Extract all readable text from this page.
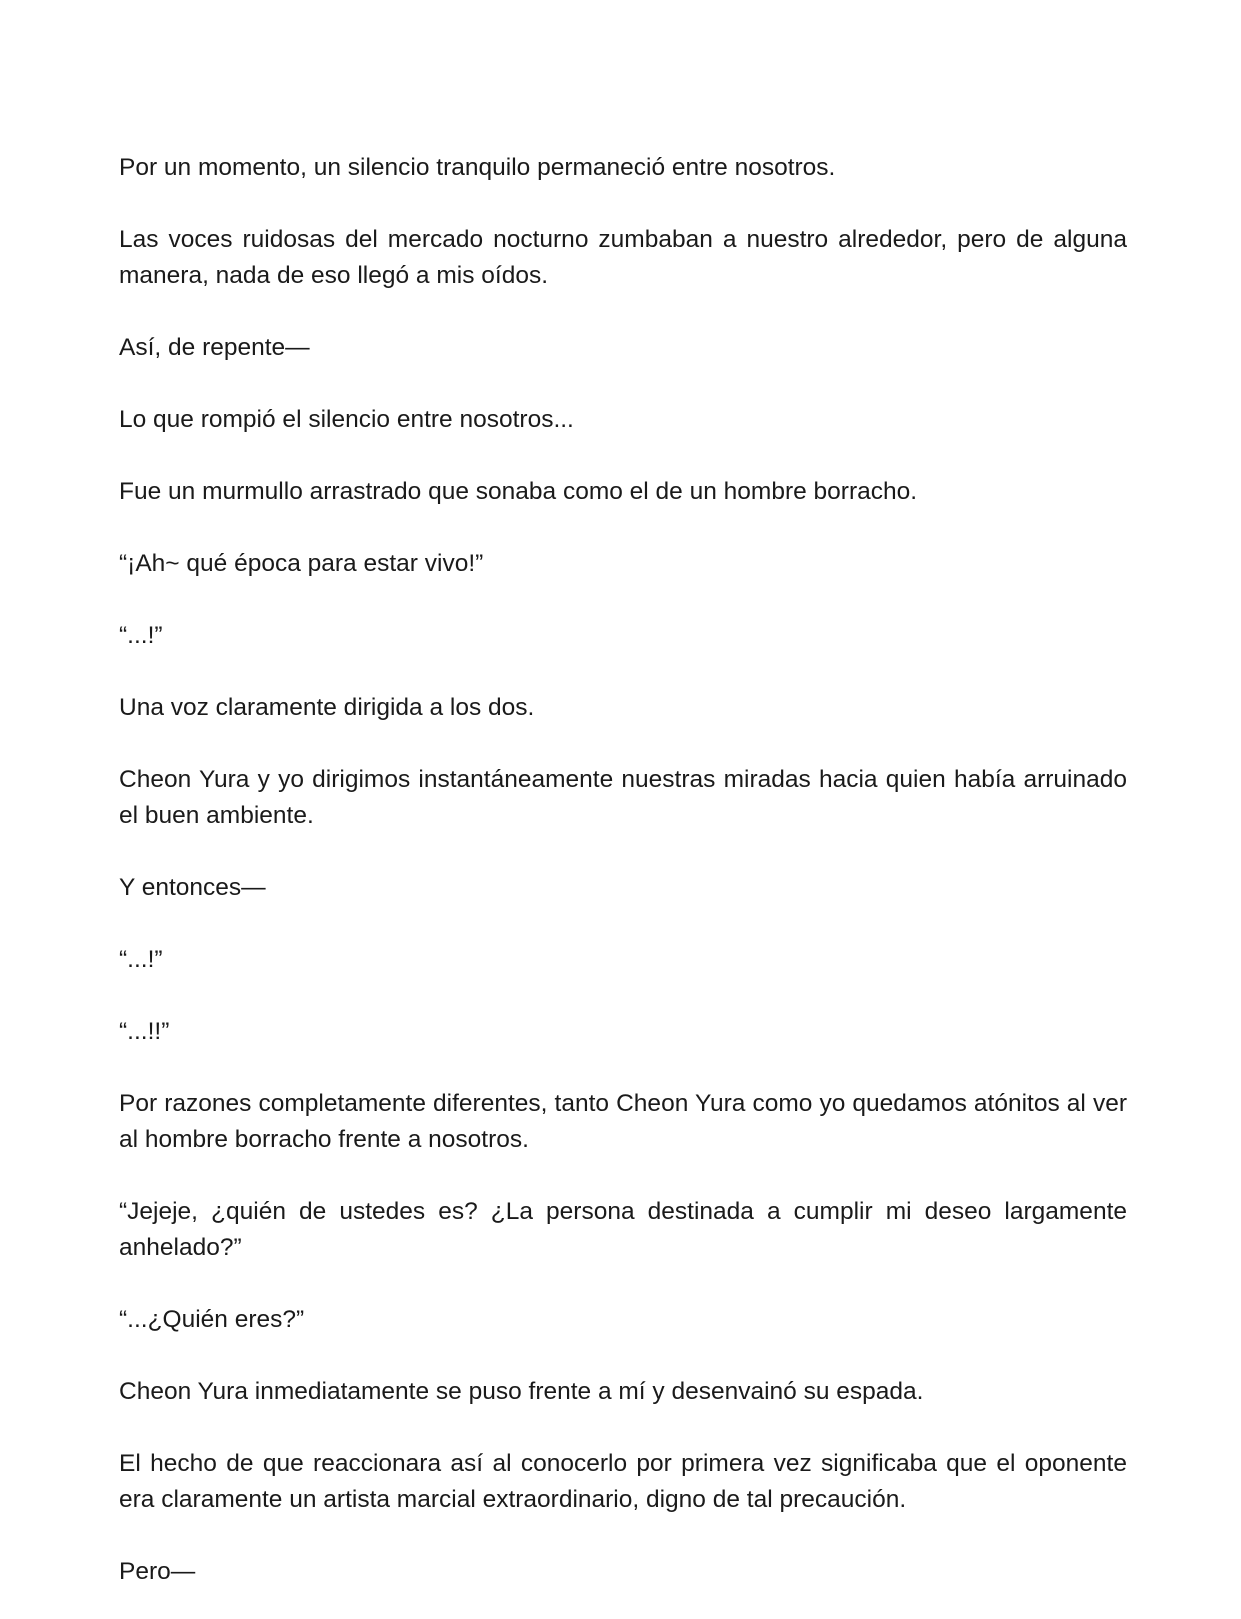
Por un momento, un silencio tranquilo permaneció entre nosotros.

Las voces ruidosas del mercado nocturno zumbaban a nuestro alrededor, pero de alguna manera, nada de eso llegó a mis oídos.

Así, de repente—

Lo que rompió el silencio entre nosotros...

Fue un murmullo arrastrado que sonaba como el de un hombre borracho.

“¡Ah~ qué época para estar vivo!”

“...!”

Una voz claramente dirigida a los dos.

Cheon Yura y yo dirigimos instantáneamente nuestras miradas hacia quien había arruinado el buen ambiente.

Y entonces—

“...!”

“...!!”

Por razones completamente diferentes, tanto Cheon Yura como yo quedamos atónitos al ver al hombre borracho frente a nosotros.

“Jejeje, ¿quién de ustedes es? ¿La persona destinada a cumplir mi deseo largamente anhelado?”

“...¿Quién eres?”

Cheon Yura inmediatamente se puso frente a mí y desenvainó su espada.

El hecho de que reaccionara así al conocerlo por primera vez significaba que el oponente era claramente un artista marcial extraordinario, digno de tal precaución.

Pero—
